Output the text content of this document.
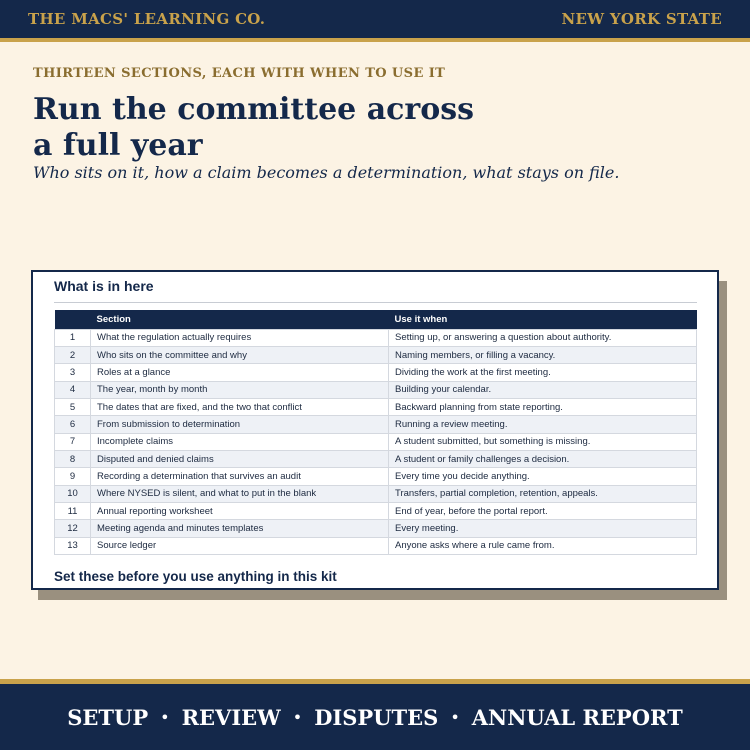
THE MACS' LEARNING CO.	NEW YORK STATE
THIRTEEN SECTIONS, EACH WITH WHEN TO USE IT
Run the committee across
a full year
Who sits on it, how a claim becomes a determination, what stays on file.
What is in here
	Section	Use it when
1	What the regulation actually requires	Setting up, or answering a question about authority.
2	Who sits on the committee and why	Naming members, or filling a vacancy.
3	Roles at a glance	Dividing the work at the first meeting.
4	The year, month by month	Building your calendar.
5	The dates that are fixed, and the two that conflict	Backward planning from state reporting.
6	From submission to determination	Running a review meeting.
7	Incomplete claims	A student submitted, but something is missing.
8	Disputed and denied claims	A student or family challenges a decision.
9	Recording a determination that survives an audit	Every time you decide anything.
10	Where NYSED is silent, and what to put in the blank	Transfers, partial completion, retention, appeals.
11	Annual reporting worksheet	End of year, before the portal report.
12	Meeting agenda and minutes templates	Every meeting.
13	Source ledger	Anyone asks where a rule came from.
Set these before you use anything in this kit
SETUP • REVIEW • DISPUTES • ANNUAL REPORT
